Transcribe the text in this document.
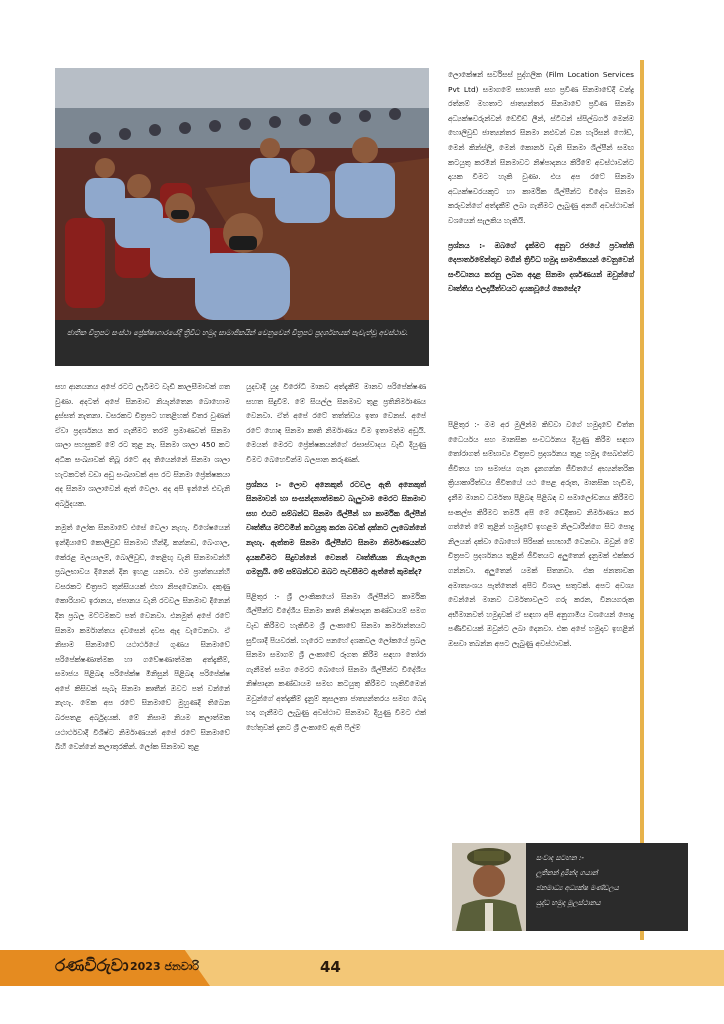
ජාතික චිත්‍රපට සංස්ථා ප්‍රේක්ෂාගාරයේදී ත්‍රිවිධ හමුදා සාමාජිකයින් වෙනුවෙන් චිත්‍රපට ප්‍රදර්ශනයක් පැවැත්වූ අවස්ථාව.

ලොකේෂන් සර්විසස් පුද්ගලික (Film Location Services Pvt Ltd) සමාගමේ සභාපති සහ ප්‍රවීණ සිනමාවේදී චන්ද්‍ර රත්නම් මහතාට ජාත්‍යන්තර සිනමාවේ ප්‍රවීණ සිනමා අධ්‍යක්ෂවරුන්වන් ඩේවිඩ් ලීන්, ස්ටීවන් ස්පිල්බර්ග් මෙන්ම හොලිවුඩ් ජාත්‍යන්තර සිනමා නළුවන් වන හැරිසන් ෆෝඩ්, මෙන් කින්ස්ලි, මෙන් කොනර් වැනි සිනමා ශිල්පීන් සමඟ කටයුතු කරමින් සිනමාවට නිෂ්පාදනය කිරීමේ අවස්ථාවන්ට දායක වීමට හැකි වුණා. එය අප රටේ සිනමා අධ්‍යක්ෂවරයකුට හා කාර්මික ශිල්පීන්ට විදේශ සිනමා කරුවන්ගේ අත්දැකීම් ලබා ගැනීමට ලැබුණු අනගි අවස්ථාවක් වශයෙන් සැලකිය හැකියි.

ප්‍රශ්නය :- ඔබගේ දැක්මට අනුව රජයේ ප්‍රවෘත්ති දෙපාර්තමේන්තුව මගින් ත්‍රිවිධ හමුදා සාමාජිකයන් වෙනුවෙන් සංවිධානය කරනු ලබන අදාළ සිනමා දර්ශණයන් ඔවුන්ගේ වෘත්තිය එලදායීත්වයට දායකවූයේ කෙසේද?

පිළිතුර :- මම අර මුලින්ම කිව්වා වගේ හමුදාවේ චිත්ත ධෛර්යය සහ මානසික සංවර්ධනය දියුණු කිරීම සඳහා තෝරාගත් සම්භාව්‍ය චිත්‍රපට ප්‍රදර්ශනය තුළ හමුදා සෙබළුන්ට ජීවිතය හා සමාජය ගැන දැනගන්න ජීවිතයේ අභ්‍යන්තරික ක්‍රියාකාරීත්වය ජීවිතයේ යථ පෙළ අරුත, මානසික හැඩීම, දැනීම මානව ධර්මතා පිළිබඳ පිළිබඳ ව සමාලෝචනය කිරීමට සංකල්ප කිරීමට තමයි අපි මේ චේදිකාව නිර්මාණය කර ගත්තේ මේ තුළින් හමුදාවේ ඉහළම නිලධාරීන්ගෙ සිට පොදු නිලයන් දක්වා බොහෝ පිරිසක් සහභාගී වෙනවා. ඔවුන් මේ චිත්‍රපට ප්‍රදර්ශනය තුළින් ජීවිතයට අලුතෙන් දැනුමක් එක්කර ගන්නවා. අලුතෙන් යමක් සිතනවා. එක ජනතාවක අමාත්‍යංශය පැත්තෙන් අපිට විශාල සතුටක්. අපට අවශ්‍ය වෙන්නේ මානව ධර්මතාවලට ගරු කරන, විනයගරුක අභිමානවත් හමුදාවක් ඒ සඳහා අපි අනුගාමිය වශයෙන් පොදු පණිවිඩයක් ඔවුන්ට ලබා දෙනවා. එක අපේ හමුදාව ඉහළින් ඔසවා තබන්න අපට ලැබුණු අවස්ථාවක්.

සහ ආනයනය අපේ රටට ලැබීමට වැඩි කාලසීමාවක් ගත වුණා. අදටත් අපේ සිනමාව නියැන්තෙන බොහොම දුස්සත් නැතනා. වසරකට චිත්‍රපට හතළිහක් විතර වුණත් ඒවා ප්‍රදර්ශනය කර ගැනීමට තරම් ප්‍රමාණවත් සිනමා ශාලා පහසුකම් මේ රට තුළ නෑ. සිනමා ශාලා 450 කට අධික සංඛ්‍යාවක් තිබූ රටේ අද තියෙන්නේ සිනමා ශාලා හැටකටත් වඩා අඩු සංඛ්‍යාවක් අප රට සිනමා ප්‍රේක්ෂකයා අද සිනමා ශාලාවෙන් ඈත් වෙලා. අද අපි ඉන්නේ එවැනි අර්බුදයක.

නමුත් ලෝක සිනමාවේ එසේ වෙලා නැහැ. විශේෂයෙන් ඉන්දියාවේ කොලිවුඩ් සිනමාව හින්දි, කන්නඩ, බෙංගාල, කේරළ මලයාලම්, බොලිවුඩ්, තෙළිඟු වැනි සිනමාවන්හි ප්‍රබලභාවය දිනෙන් දින ඉහළ යනවා. එම ප්‍රාන්තයන්හි වසරකට චිත්‍රපට තුන්සියයක් එහා නිපදවෙනවා. දකුණු කොරියාව ඉරානය, ජපානය වැනි රටවල සිනමාව දිනෙන් දින ප්‍රබල මට්ටමකට පත් වෙනවා. එනමුත් අපේ රටේ සිනමා කර්මාන්තය දවසෙන් දවස ඇද වැටෙනවා. ඒ නිසාම සිනමාවේ යථාර්ථයේ ගුණය සිනමාවේ පරිපේක්ෂණාත්මක හා ගවේෂණාත්මක අත්දැකීම්, සමාජය පිළිබඳ පරිපේක්ෂ මිනිසුන් පිළිබඳ පරිපේක්ෂ අපේ කිසිවක් සැබෑ සිනමා කෘතීන් ඔවට පත් වන්නේ නැහැ. මේක අප රටේ සිනමාවේ මුහුණදී තිබෙන බරපතළ අර්බුදයක්. මේ නිසාම නියම කලාත්මක යථාර්ථවාදී විශිෂ්ට නිර්මාණයන් අපේ රටේ සිනමාවේ බිහි වෙන්නේ කලාතුරකින්. ලෝක සිනමාව තුළ

යුදවාදී යුද විරෝධී මානව අත්දැකීම් මානව පරිපේක්ෂණ සහත සිදුවීම්. මේ සියල්ල සිනමාව තුළ ප්‍රතිනිර්මාණය වෙනවා. ඒත් අපේ රටේ තත්ත්වය ඉතා වෙනස්. අපේ රටේ හොඳ සිනමා කෘති නිර්මාණය වීම ඉතාමත්ම අඩුයි. මෙයත් මෙරට ප්‍රේක්ෂකයන්ගේ රසාස්වාදය වැඩි දියුණු වීමට බෙහෙවින්ම බලපාන කරුණක්.

ප්‍රශ්නය :- ලොව අනෙකුත් රටවල ඇති අනෙකුත් සිනමාවන් හා සංසන්දනාත්මකව බැලුවාම මෙරට සිනමාව සහ එයට සම්බන්ධ සිනමා ශිල්පීන් හා කාර්මික ශිල්පීන් වෘත්තීය මට්ටමින් කටයුතු කරන බවක් දක්නට ලැබෙන්නේ නැහැ. ඇත්තම සිනමා ශිල්පීන්ට සිනමා නිර්මාණයන්ට දායකවීමට සිදුවන්නේ වෙනත් වෘත්තීයක නියැලෙන ගමනුයි. මේ සම්බන්ධව ඔබට පැවසීමට ඇත්තේ කුමක්ද?

පිළිතුර :- ශ්‍රී ලාංකිකයෝ සිනමා ශිල්පීන්ට කාර්මික ශිල්පීන්ට විදේශීය සිනමා කෘති නිෂ්පාදන කණ්ඩායම් සමග වැඩ කිරීමට හැකිවීම ශ්‍රී ලංකාවේ සිනමා කර්මාන්තයට සුවිශාදී පියවරක්. හැරෙට පනහේ දශකවල ලෝකයේ ප්‍රබල සිනමා සමාගම් ශ්‍රී ලංකාවේ රූගත කිරීම සඳහා තෝරා ගැනීමත් සමග මෙරට බොහෝ සිනමා ශිල්පීන්ට විදේශීය නිෂ්පාදන කණ්ඩායම සමඟ කටයුතු කිරීමට හැකිවීමෙන් ඔවුන්ගේ අත්දැකීම් දැනුම් කුසලතා ජාත්‍යන්තරය සමඟ බෙදා හදා ගැනීමට ලැබුණු අවස්ථාව සිනමාව දියුණු වීමට එක් හේතුවක් දැනට ශ්‍රී ලංකාවේ ඇති ෆිල්ම්

සංවාද සටහන :-
ලුතිනන් දුමින්ද ගයාන්
ජනමාධ්‍ය අධ්‍යක්ෂ මණ්ඩලය
යුද්ධ හමුදා මූලස්ථානය
රණවිරුවා 2023 ජනවාරි	44
